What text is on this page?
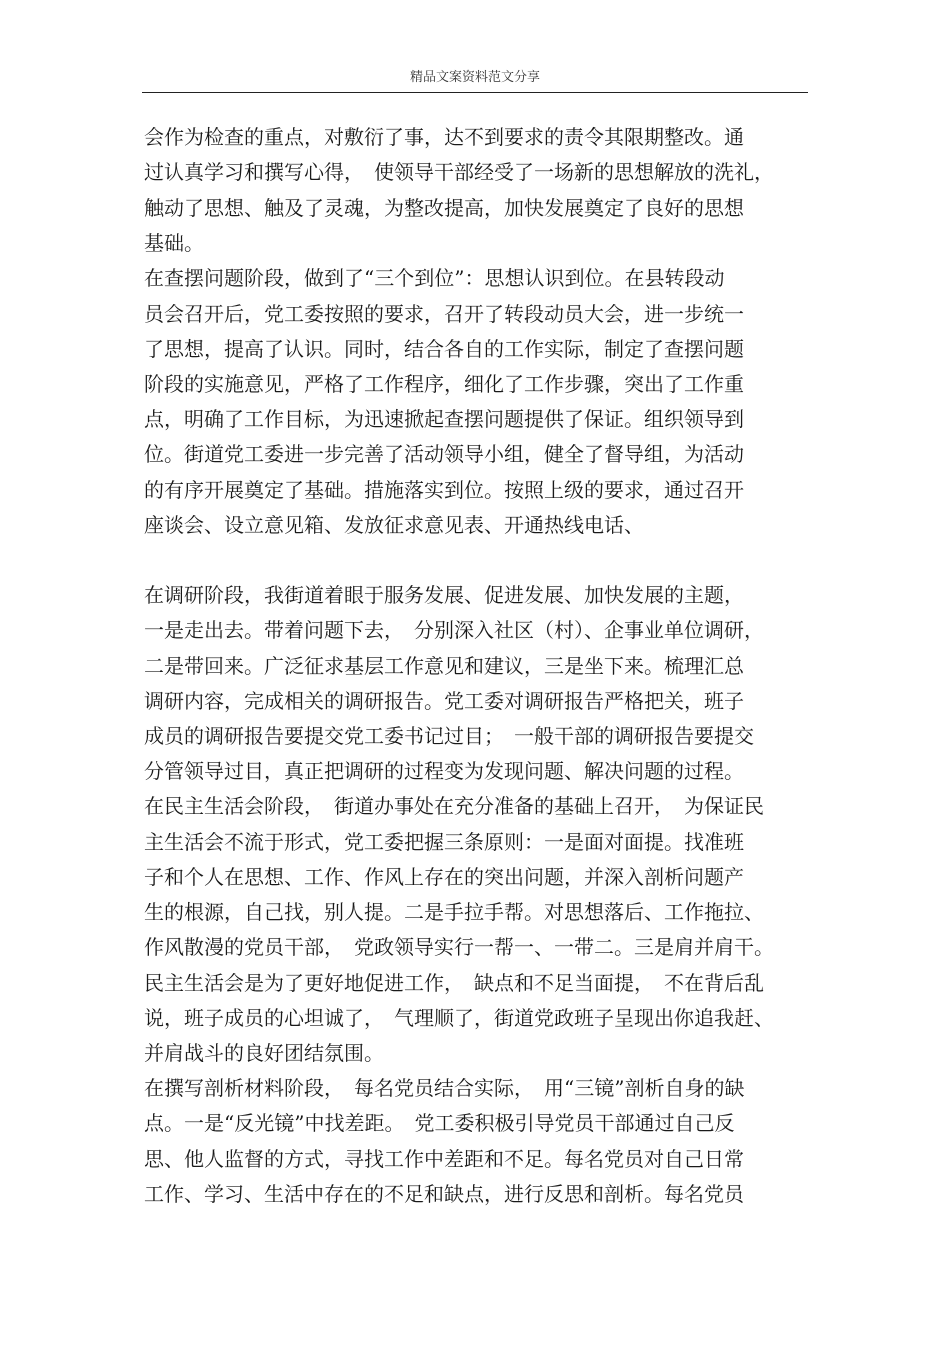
精品文案资料范文分享
会作为检查的重点，对敷衍了事，达不到要求的责令其限期整改。通
过认真学习和撰写心得，　使领导干部经受了一场新的思想解放的洗礼，
触动了思想、触及了灵魂，为整改提高，加快发展奠定了良好的思想
基础。
在查摆问题阶段，做到了“三个到位”：思想认识到位。在县转段动
员会召开后，党工委按照的要求，召开了转段动员大会，进一步统一
了思想，提高了认识。同时，结合各自的工作实际，制定了查摆问题
阶段的实施意见，严格了工作程序，细化了工作步骤，突出了工作重
点，明确了工作目标，为迅速掀起查摆问题提供了保证。组织领导到
位。街道党工委进一步完善了活动领导小组，健全了督导组，为活动
的有序开展奠定了基础。措施落实到位。按照上级的要求，通过召开
座谈会、设立意见箱、发放征求意见表、开通热线电话、
在调研阶段，我街道着眼于服务发展、促进发展、加快发展的主题，
一是走出去。带着问题下去，　分别深入社区（村）、企事业单位调研，
二是带回来。广泛征求基层工作意见和建议，三是坐下来。梳理汇总
调研内容，完成相关的调研报告。党工委对调研报告严格把关，班子
成员的调研报告要提交党工委书记过目；　一般干部的调研报告要提交
分管领导过目，真正把调研的过程变为发现问题、解决问题的过程。
在民主生活会阶段，　街道办事处在充分准备的基础上召开，　为保证民
主生活会不流于形式，党工委把握三条原则：一是面对面提。找准班
子和个人在思想、工作、作风上存在的突出问题，并深入剖析问题产
生的根源，自己找，别人提。二是手拉手帮。对思想落后、工作拖拉、
作风散漫的党员干部，　党政领导实行一帮一、一带二。三是肩并肩干。
民主生活会是为了更好地促进工作，　缺点和不足当面提，　不在背后乱
说，班子成员的心坦诚了，　气理顺了，街道党政班子呈现出你追我赶、
并肩战斗的良好团结氛围。
在撰写剖析材料阶段，　每名党员结合实际，　用“三镜”剖析自身的缺
点。一是“反光镜”中找差距。　党工委积极引导党员干部通过自己反
思、他人监督的方式，寻找工作中差距和不足。每名党员对自己日常
工作、学习、生活中存在的不足和缺点，进行反思和剖析。每名党员
